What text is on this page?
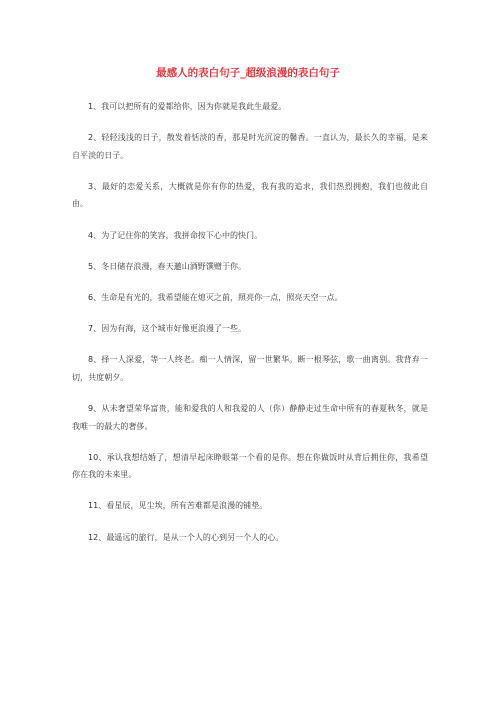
最感人的表白句子_超级浪漫的表白句子

1、我可以把所有的爱都给你，因为你就是我此生最爱。

2、轻轻浅浅的日子，散发着恬淡的香，那是时光沉淀的馨香。一直认为，最长久的幸福，是来自平淡的日子。

3、最好的恋爱关系，大概就是你有你的热爱，我有我的追求，我们热烈拥抱，我们也彼此自由。

4、为了记住你的笑容，我拼命按下心中的快门。

5、冬日储存浪漫，春天邀山酒野馔赠于你。

6、生命是有光的，我希望能在熄灭之前，照亮你一点，照亮天空一点。

7、因为有海，这个城市好像更浪漫了一些。

8、择一人深爱，等一人终老。痴一人情深，留一世繁华。断一根琴弦，歌一曲离别。我背弃一切，共度朝夕。

9、从未奢望荣华富贵，能和爱我的人和我爱的人（你）静静走过生命中所有的春夏秋冬，就是我唯一的最大的奢侈。

10、承认我想结婚了，想清早起床睁眼第一个看的是你。想在你做饭时从背后拥住你，我希望你在我的未来里。

11、看星辰，见尘埃，所有苦难都是浪漫的铺垫。

12、最遥远的旅行，是从一个人的心到另一个人的心。
